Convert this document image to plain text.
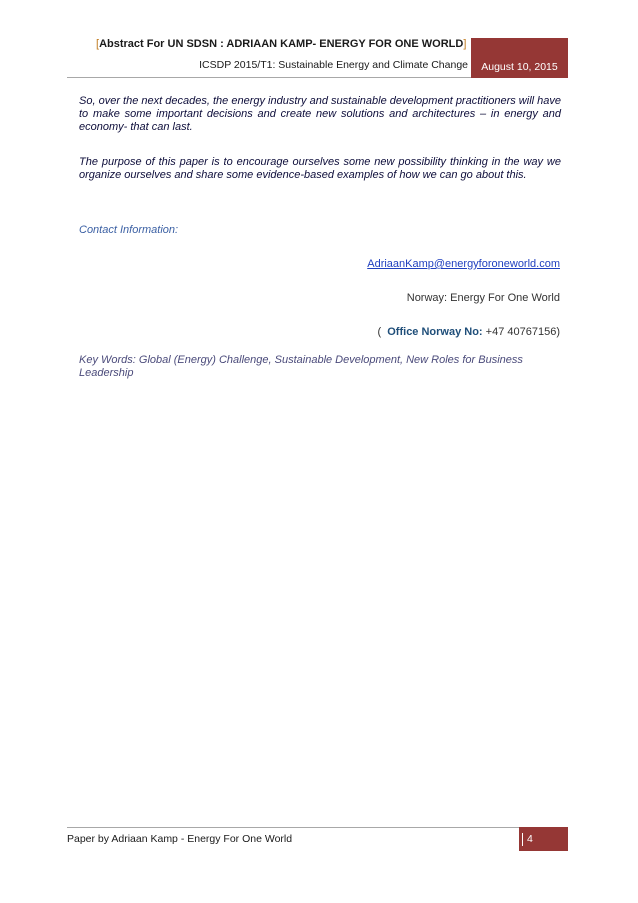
[Abstract For UN SDSN : ADRIAAN KAMP- ENERGY FOR ONE WORLD]
ICSDP 2015/T1: Sustainable Energy and Climate Change	August 10, 2015

So, over the next decades, the energy industry and sustainable development practitioners will have to make some important decisions and create new solutions and architectures – in energy and economy- that can last.

The purpose of this paper is to encourage ourselves some new possibility thinking in the way we organize ourselves and share some evidence-based examples of how we can go about this.

Contact Information:

AdriaanKamp@energyforoneworld.com
Norway: Energy For One World
( Office Norway No: +47 40767156)

Key Words: Global (Energy) Challenge, Sustainable Development, New Roles for Business Leadership

Paper by Adriaan Kamp - Energy For One World	4
